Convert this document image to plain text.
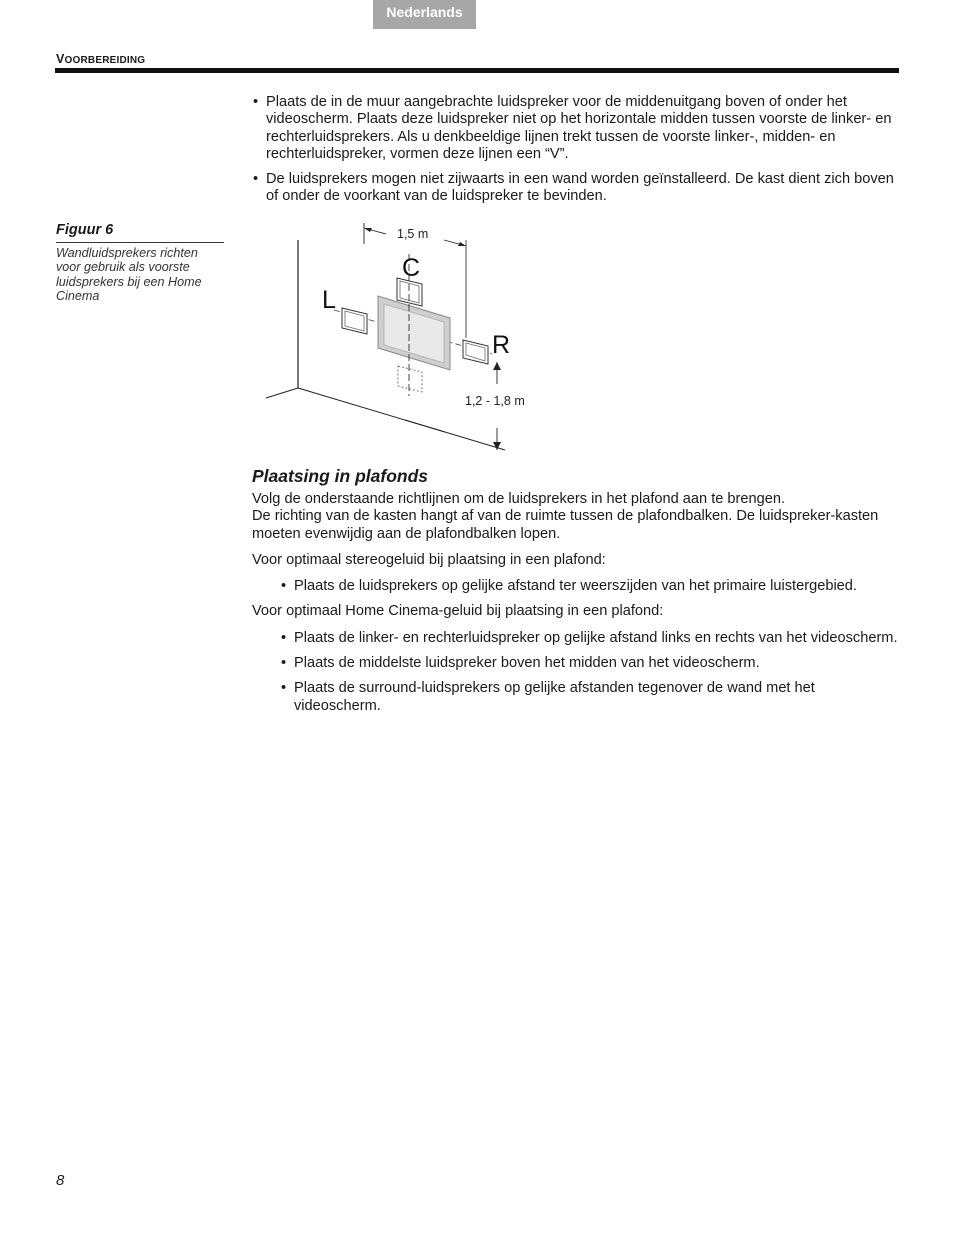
Nederlands
VOORBEREIDING
• Plaats de in de muur aangebrachte luidspreker voor de middenuitgang boven of onder het videoscherm. Plaats deze luidspreker niet op het horizontale midden tussen voorste de linker- en rechterluidsprekers. Als u denkbeeldige lijnen trekt tussen de voorste linker-, midden- en rechterluidspreker, vormen deze lijnen een “V”.
• De luidsprekers mogen niet zijwaarts in een wand worden geïnstalleerd. De kast dient zich boven of onder de voorkant van de luidspreker te bevinden.
Figuur 6
Wandluidsprekers richten voor gebruik als voorste luidsprekers bij een Home Cinema
1,5 m
1,2 - 1,8 m
L
C
R
Plaatsing in plafonds

Volg de onderstaande richtlijnen om de luidsprekers in het plafond aan te brengen.
De richting van de kasten hangt af van de ruimte tussen de plafondbalken. De luidspreker-kasten moeten evenwijdig aan de plafondbalken lopen.

Voor optimaal stereogeluid bij plaatsing in een plafond:

• Plaats de luidsprekers op gelijke afstand ter weerszijden van het primaire luistergebied.

Voor optimaal Home Cinema-geluid bij plaatsing in een plafond:

• Plaats de linker- en rechterluidspreker op gelijke afstand links en rechts van het videoscherm.
• Plaats de middelste luidspreker boven het midden van het videoscherm.
• Plaats de surround-luidsprekers op gelijke afstanden tegenover de wand met het videoscherm.
8
